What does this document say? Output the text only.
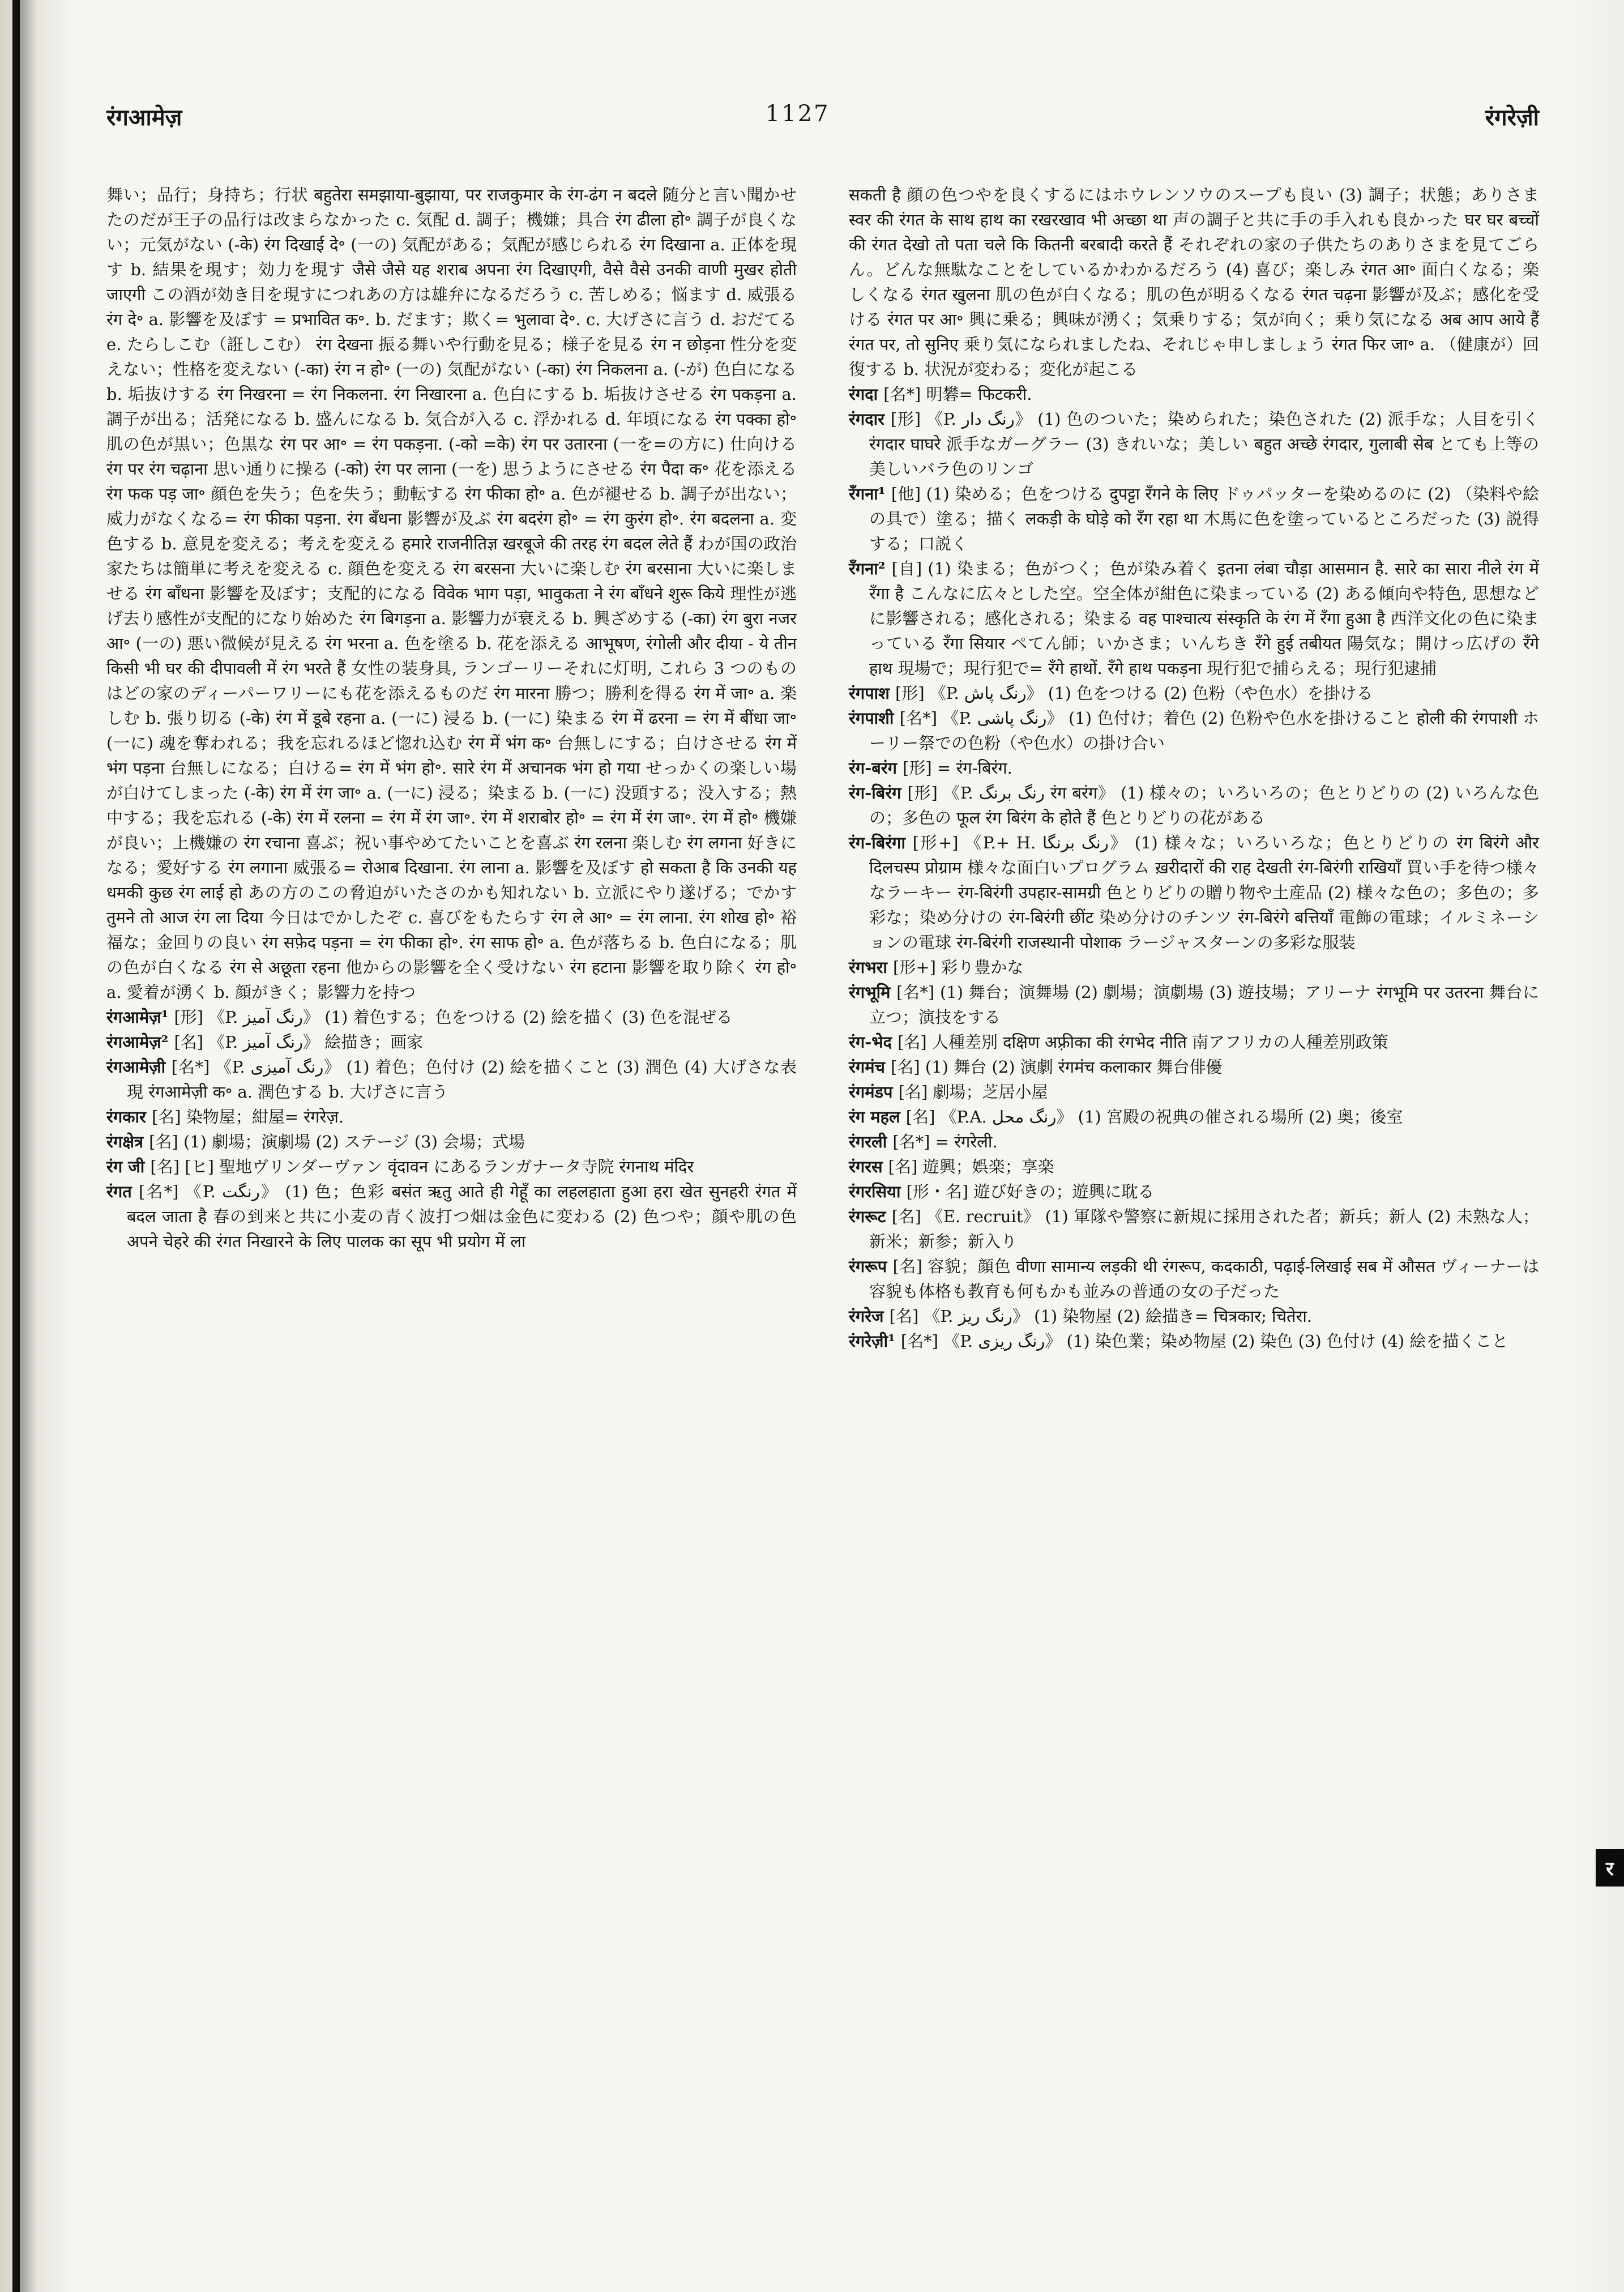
रंगआमेज़	1127	रंगरेज़ी

舞い；品行；身持ち；行状 बहुतेरा समझाया-बुझाया, पर राजकुमार के रंग-ढंग न बदले 随分と言い聞かせたのだが王子の品行は改まらなかった c. 気配 d. 調子；機嫌；具合 रंग ढीला हो॰ 調子が良くない；元気がない (-के) रंग दिखाई दे॰ (一の) 気配がある；気配が感じられる रंग दिखाना a. 正体を現す b. 結果を現す；効力を現す जैसे जैसे यह शराब अपना रंग दिखाएगी, वैसे वैसे उनकी वाणी मुखर होती जाएगी この酒が効き目を現すにつれあの方は雄弁になるだろう c. 苦しめる；悩ます d. 威張る रंग दे॰ a. 影響を及ぼす = प्रभावित क॰. b. だます；欺く= भुलावा दे॰. c. 大げさに言う d. おだてる e. たらしこむ（誑しこむ） रंग देखना 振る舞いや行動を見る；様子を見る रंग न छोड़ना 性分を変えない；性格を変えない (-का) रंग न हो॰ (一の) 気配がない (-का) रंग निकलना a. (-が) 色白になる b. 垢抜けする रंग निखरना = रंग निकलना. रंग निखारना a. 色白にする b. 垢抜けさせる रंग पकड़ना a. 調子が出る；活発になる b. 盛んになる b. 気合が入る c. 浮かれる d. 年頃になる रंग पक्का हो॰ 肌の色が黒い；色黒な रंग पर आ॰ = रंग पकड़ना. (-को =के) रंग पर उतारना (一を=の方に) 仕向ける रंग पर रंग चढ़ाना 思い通りに操る (-को) रंग पर लाना (一を) 思うようにさせる रंग पैदा क॰ 花を添える रंग फक पड़ जा॰ 顔色を失う；色を失う；動転する रंग फीका हो॰ a. 色が褪せる b. 調子が出ない；威力がなくなる= रंग फीका पड़ना. रंग बँधना 影響が及ぶ रंग बदरंग हो॰ = रंग कुरंग हो॰. रंग बदलना a. 変色する b. 意見を変える；考えを変える हमारे राजनीतिज्ञ खरबूजे की तरह रंग बदल लेते हैं わが国の政治家たちは簡単に考えを変える c. 顔色を変える रंग बरसना 大いに楽しむ रंग बरसाना 大いに楽しませる रंग बाँधना 影響を及ぼす；支配的になる विवेक भाग पड़ा, भावुकता ने रंग बाँधने शुरू किये 理性が逃げ去り感性が支配的になり始めた रंग बिगड़ना a. 影響力が衰える b. 興ざめする (-का) रंग बुरा नजर आ॰ (一の) 悪い微候が見える रंग भरना a. 色を塗る b. 花を添える आभूषण, रंगोली और दीया - ये तीन किसी भी घर की दीपावली में रंग भरते हैं 女性の装身具, ランゴーリーそれに灯明, これら 3 つのものはどの家のディーパーワリーにも花を添えるものだ रंग मारना 勝つ；勝利を得る रंग में जा॰ a. 楽しむ b. 張り切る (-के) रंग में डूबे रहना a. (一に) 浸る b. (一に) 染まる रंग में ढरना = रंग में बींधा जा॰ (一に) 魂を奪われる；我を忘れるほど惚れ込む रंग में भंग क॰ 台無しにする；白けさせる रंग में भंग पड़ना 台無しになる；白ける= रंग में भंग हो॰. सारे रंग में अचानक भंग हो गया せっかくの楽しい場が白けてしまった (-के) रंग में रंग जा॰ a. (一に) 浸る；染まる b. (一に) 没頭する；没入する；熱中する；我を忘れる (-के) रंग में रलना = रंग में रंग जा॰. रंग में शराबोर हो॰ = रंग में रंग जा॰. रंग में हो॰ 機嫌が良い；上機嫌の रंग रचाना 喜ぶ；祝い事やめてたいことを喜ぶ रंग रलना 楽しむ रंग लगना 好きになる；愛好する रंग लगाना 威張る= रोआब दिखाना. रंग लाना a. 影響を及ぼす हो सकता है कि उनकी यह धमकी कुछ रंग लाई हो あの方のこの脅迫がいたさのかも知れない b. 立派にやり遂げる；でかす तुमने तो आज रंग ला दिया 今日はでかしたぞ c. 喜びをもたらす रंग ले आ॰ = रंग लाना. रंग शोख हो॰ 裕福な；金回りの良い रंग सफ़ेद पड़ना = रंग फीका हो॰. रंग साफ हो॰ a. 色が落ちる b. 色白になる；肌の色が白くなる रंग से अछूता रहना 他からの影響を全く受けない रंग हटाना 影響を取り除く रंग हो॰ a. 愛着が湧く b. 顔がきく；影響力を持つ

रंगआमेज़¹ [形] 《P. رنگ آمیز》 (1) 着色する；色をつける (2) 絵を描く (3) 色を混ぜる

रंगआमेज़² [名] 《P. رنگ آمیز》 絵描き；画家

रंगआमेज़ी [名*] 《P. رنگ آمیزی》 (1) 着色；色付け (2) 絵を描くこと (3) 潤色 (4) 大げさな表現 रंगआमेज़ी क॰ a. 潤色する b. 大げさに言う

रंगकार [名] 染物屋；紺屋= रंगरेज़.

रंगक्षेत्र [名] (1) 劇場；演劇場 (2) ステージ (3) 会場；式場

रंग जी [名] [ヒ] 聖地ヴリンダーヴァン वृंदावन にあるランガナータ寺院 रंगनाथ मंदिर

रंगत [名*] 《P. رنگت》 (1) 色；色彩 बसंत ऋतु आते ही गेहूँ का लहलहाता हुआ हरा खेत सुनहरी रंगत में बदल जाता है 春の到来と共に小麦の青く波打つ畑は金色に変わる (2) 色つや；顔や肌の色 अपने चेहरे की रंगत निखारने के लिए पालक का सूप भी प्रयोग में ला

सकती है 顔の色つやを良くするにはホウレンソウのスープも良い (3) 調子；状態；ありさま स्वर की रंगत के साथ हाथ का रखरखाव भी अच्छा था 声の調子と共に手の手入れも良かった घर घर बच्चों की रंगत देखो तो पता चले कि कितनी बरबादी करते हैं それぞれの家の子供たちのありさまを見てごらん。どんな無駄なことをしているかわかるだろう (4) 喜び；楽しみ रंगत आ॰ 面白くなる；楽しくなる रंगत खुलना 肌の色が白くなる；肌の色が明るくなる रंगत चढ़ना 影響が及ぶ；感化を受ける रंगत पर आ॰ 興に乗る；興味が湧く；気乗りする；気が向く；乗り気になる अब आप आये हैं रंगत पर, तो सुनिए 乗り気になられましたね、それじゃ申しましょう रंगत फिर जा॰ a. （健康が）回復する b. 状況が変わる；変化が起こる

रंगदा [名*] 明礬= फिटकरी.

रंगदार [形] 《P. رنگ دار》 (1) 色のついた；染められた；染色された (2) 派手な；人目を引く रंगदार घाघरे 派手なガーグラー (3) きれいな；美しい बहुत अच्छे रंगदार, गुलाबी सेब とても上等の美しいバラ色のリンゴ

रँगना¹ [他] (1) 染める；色をつける दुपट्टा रँगने के लिए ドゥパッターを染めるのに (2) （染料や絵の具で）塗る；描く लकड़ी के घोड़े को रँग रहा था 木馬に色を塗っているところだった (3) 説得する；口説く

रँगना² [自] (1) 染まる；色がつく；色が染み着く इतना लंबा चौड़ा आसमान है. सारे का सारा नीले रंग में रँगा है こんなに広々とした空。空全体が紺色に染まっている (2) ある傾向や特色, 思想などに影響される；感化される；染まる वह पाश्चात्य संस्कृति के रंग में रँगा हुआ है 西洋文化の色に染まっている रँगा सियार ペてん師；いかさま；いんちき रँगे हुई तबीयत 陽気な；開けっ広げの रँगे हाथ 現場で；現行犯で= रँगे हाथों. रँगे हाथ पकड़ना 現行犯で捕らえる；現行犯逮捕

रंगपाश [形] 《P. رنگ پاش》 (1) 色をつける (2) 色粉（や色水）を掛ける

रंगपाशी [名*] 《P. رنگ پاشی》 (1) 色付け；着色 (2) 色粉や色水を掛けること होली की रंगपाशी ホーリー祭での色粉（や色水）の掛け合い

रंग-बरंग [形] = रंग-बिरंग.

रंग-बिरंग [形] 《P. رنگ برنگ रंग बरंग》 (1) 様々の；いろいろの；色とりどりの (2) いろんな色の；多色の फूल रंग बिरंग के होते हैं 色とりどりの花がある

रंग-बिरंगा [形+] 《P.+ H. رنگ برنگا》 (1) 様々な；いろいろな；色とりどりの रंग बिरंगे और दिलचस्प प्रोग्राम 様々な面白いプログラム ख़रीदारों की राह देखती रंग-बिरंगी राखियाँ 買い手を待つ様々なラーキー रंग-बिरंगी उपहार-सामग्री 色とりどりの贈り物や土産品 (2) 様々な色の；多色の；多彩な；染め分けの रंग-बिरंगी छींट 染め分けのチンツ रंग-बिरंगे बत्तियाँ 電飾の電球；イルミネーションの電球 रंग-बिरंगी राजस्थानी पोशाक ラージャスターンの多彩な服装

रंगभरा [形+] 彩り豊かな

रंगभूमि [名*] (1) 舞台；演舞場 (2) 劇場；演劇場 (3) 遊技場；アリーナ रंगभूमि पर उतरना 舞台に立つ；演技をする

रंग-भेद [名] 人種差別 दक्षिण अफ़्रीका की रंगभेद नीति 南アフリカの人種差別政策

रंगमंच [名] (1) 舞台 (2) 演劇 रंगमंच कलाकार 舞台俳優

रंगमंडप [名] 劇場；芝居小屋

रंग महल [名] 《P.A. رنگ محل》 (1) 宮殿の祝典の催される場所 (2) 奥；後室

रंगरली [名*] = रंगरेली.

रंगरस [名] 遊興；娯楽；享楽

रंगरसिया [形・名] 遊び好きの；遊興に耽る

रंगरूट [名] 《E. recruit》 (1) 軍隊や警察に新規に採用された者；新兵；新人 (2) 未熟な人；新米；新参；新入り

रंगरूप [名] 容貌；顔色 वीणा सामान्य लड़की थी रंगरूप, कदकाठी, पढ़ाई-लिखाई सब में औसत ヴィーナーは容貌も体格も教育も何もかも並みの普通の女の子だった

रंगरेज [名] 《P. رنگ ریز》 (1) 染物屋 (2) 絵描き= चित्रकार; चितेरा.

रंगरेज़ी¹ [名*] 《P. رنگ ریزی》 (1) 染色業；染め物屋 (2) 染色 (3) 色付け (4) 絵を描くこと

र
